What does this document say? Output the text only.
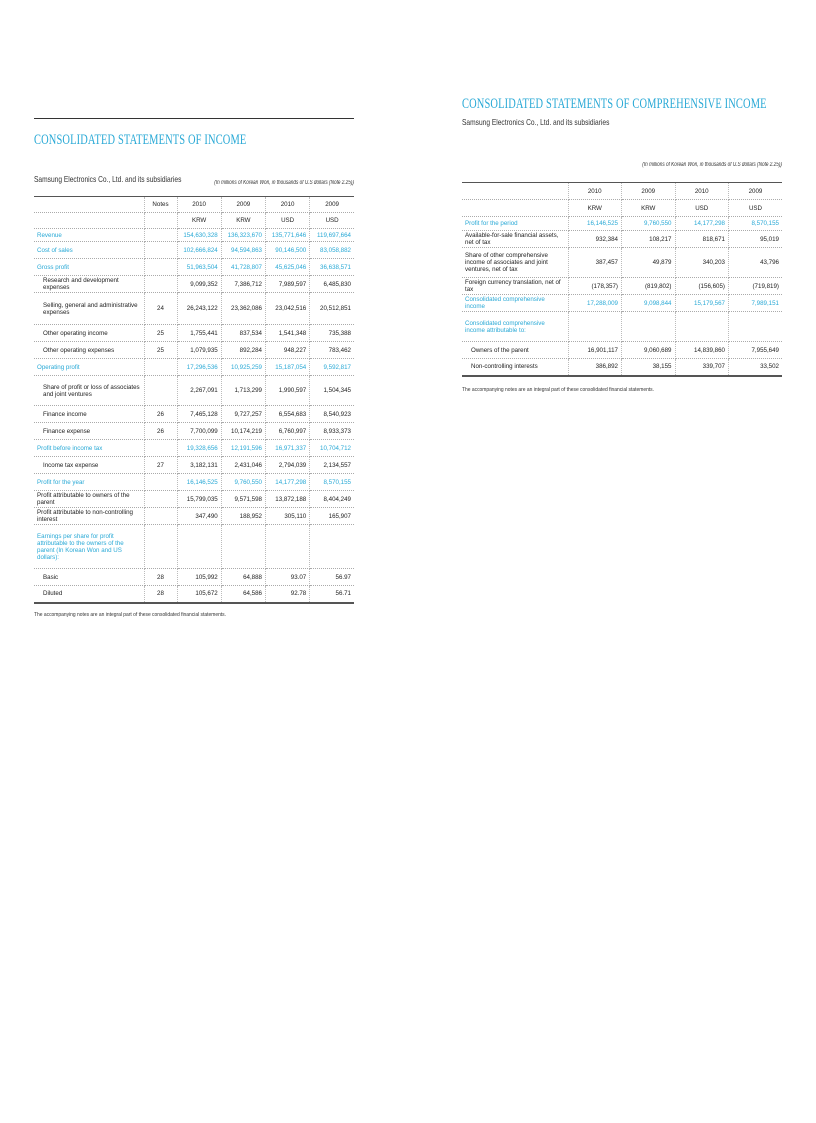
CONSOLIDATED STATEMENTS OF INCOME
Samsung Electronics Co., Ltd. and its subsidiaries	(In millions of Korean Won, in thousands of U.S dollars (Note 2.25))
	Notes	2010	2009	2010	2009
		KRW	KRW	USD	USD
Revenue		154,630,328	136,323,670	135,771,646	119,697,664
Cost of sales		102,666,824	94,594,863	90,146,500	83,058,882
Gross profit		51,963,504	41,728,807	45,625,046	36,638,571
Research and development expenses		9,099,352	7,386,712	7,989,597	6,485,830
Selling, general and administrative expenses	24	26,243,122	23,362,086	23,042,516	20,512,851
Other operating income	25	1,755,441	837,534	1,541,348	735,388
Other operating expenses	25	1,079,935	892,284	948,227	783,462
Operating profit		17,296,536	10,925,259	15,187,054	9,592,817
Share of profit or loss of associates and joint ventures		2,267,091	1,713,299	1,990,597	1,504,345
Finance income	26	7,465,128	9,727,257	6,554,683	8,540,923
Finance expense	26	7,700,099	10,174,219	6,760,997	8,933,373
Profit before income tax		19,328,656	12,191,596	16,971,337	10,704,712
Income tax expense	27	3,182,131	2,431,046	2,794,039	2,134,557
Profit for the year		16,146,525	9,760,550	14,177,298	8,570,155
Profit attributable to owners of the parent		15,799,035	9,571,598	13,872,188	8,404,249
Profit attributable to non-controlling interest		347,490	188,952	305,110	165,907
Earnings per share for profit attributable to the owners of the parent (In Korean Won and US dollars):					
Basic	28	105,992	64,888	93.07	56.97
Diluted	28	105,672	64,586	92.78	56.71
The accompanying notes are an integral part of these consolidated financial statements.
CONSOLIDATED STATEMENTS OF COMPREHENSIVE INCOME
Samsung Electronics Co., Ltd. and its subsidiaries
(In millions of Korean Won, in thousands of U.S dollars (Note 2.25))
	2010	2009	2010	2009
	KRW	KRW	USD	USD
Profit for the period	16,146,525	9,760,550	14,177,298	8,570,155
Available-for-sale financial assets, net of tax	932,384	108,217	818,671	95,019
Share of other comprehensive income of associates and joint ventures, net of tax	387,457	49,879	340,203	43,796
Foreign currency translation, net of tax	(178,357)	(819,802)	(156,605)	(719,819)
Consolidated comprehensive income	17,288,009	9,098,844	15,179,567	7,989,151
Consolidated comprehensive income attributable to:				
Owners of the parent	16,901,117	9,060,689	14,839,860	7,955,649
Non-controlling interests	386,892	38,155	339,707	33,502
The accompanying notes are an integral part of these consolidated financial statements.
